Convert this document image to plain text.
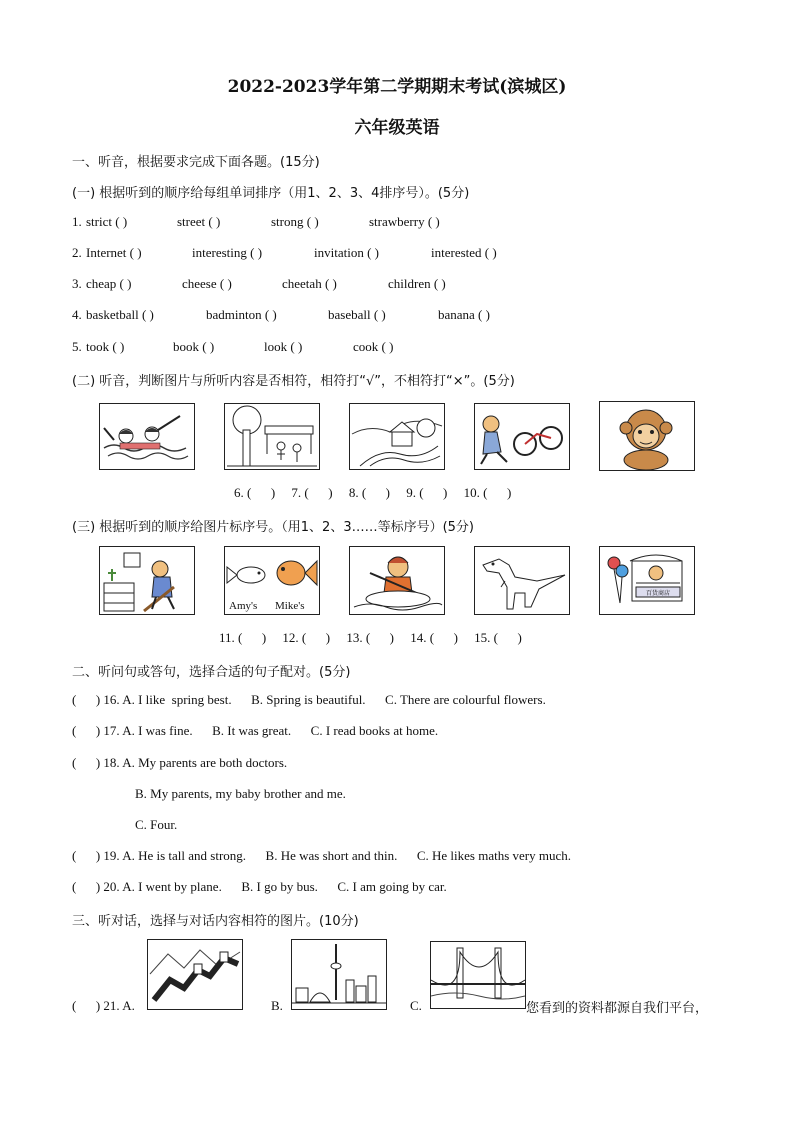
2022-2023学年第二学期期末考试(滨城区)
六年级英语
一、听音，根据要求完成下面各题。(15分)
(一) 根据听到的顺序给每组单词排序（用1、2、3、4排序号）。(5分)
1. strict ( )	street ( )	strong ( )	strawberry ( )
2. Internet ( )	interesting ( )	invitation ( )	interested ( )
3. cheap ( )	cheese ( )	cheetah ( )	children ( )
4. basketball ( )	badminton ( )	baseball ( )	banana ( )
5. took ( )	book ( )	look ( )	cook ( )
(二) 听音，判断图片与所听内容是否相符，相符打“√”，不相符打“×”。(5分)
6. (      )     7. (      )     8. (      )     9. (      )     10. (      )
(三) 根据听到的顺序给图片标序号。（用1、2、3……等标序号）(5分)
Amy's Mike's
百货商店
11. (      )     12. (      )     13. (      )     14. (      )     15. (      )
二、听问句或答句，选择合适的句子配对。(5分)
(      ) 16. A. I like  spring best.      B. Spring is beautiful.      C. There are colourful flowers.
(      ) 17. A. I was fine.      B. It was great.      C. I read books at home.
(      ) 18. A. My parents are both doctors.
B. My parents, my baby brother and me.
C. Four.
(      ) 19. A. He is tall and strong.      B. He was short and thin.      C. He likes maths very much.
(      ) 20. A. I went by plane.      B. I go by bus.      C. I am going by car.
三、听对话，选择与对话内容相符的图片。(10分)
(      ) 21. A.	B.	C.	您看到的资料都源自我们平台，
